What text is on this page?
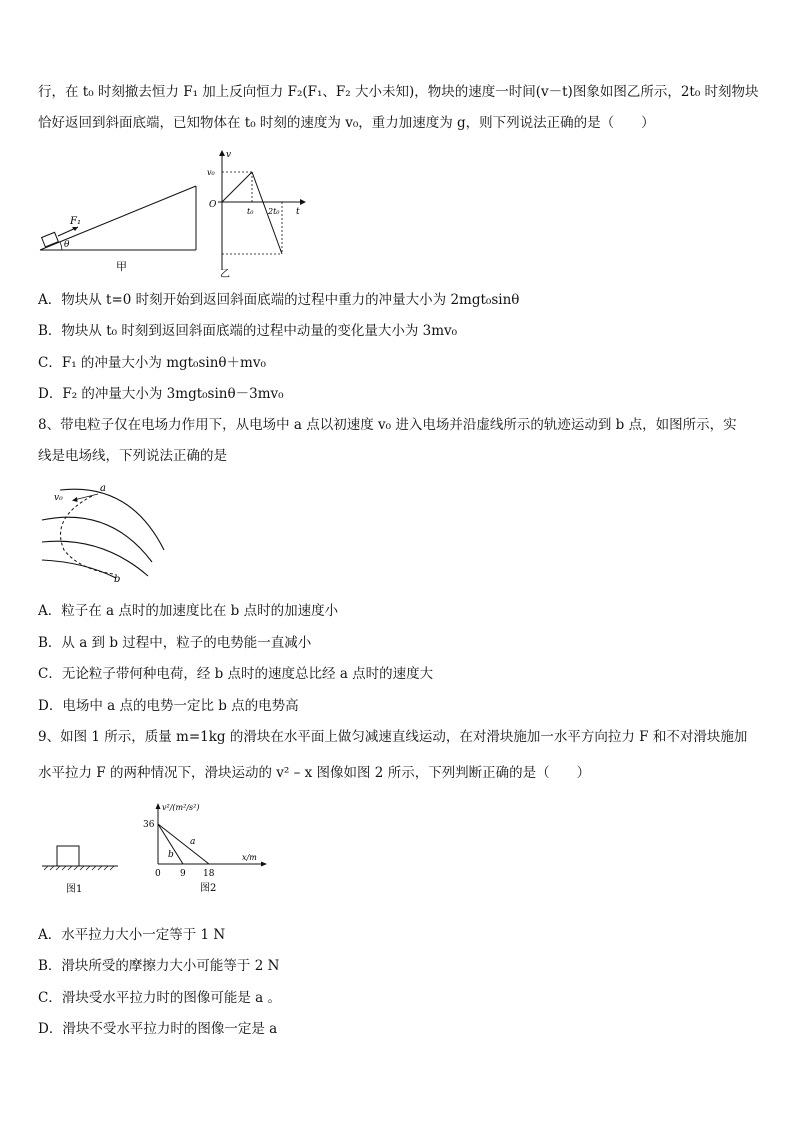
行，在 t₀ 时刻撤去恒力 F₁ 加上反向恒力 F₂(F₁、F₂ 大小未知)，物块的速度一时间(v－t)图象如图乙所示，2t₀ 时刻物块
恰好返回到斜面底端，已知物体在 t₀ 时刻的速度为 v₀，重力加速度为 g，则下列说法正确的是（　　）
F₁
θ
甲
v
t
O
v₀
t₀ 2t₀
乙
A．物块从 t=0 时刻开始到返回斜面底端的过程中重力的冲量大小为 2mgt₀sinθ
B．物块从 t₀ 时刻到返回斜面底端的过程中动量的变化量大小为 3mv₀
C．F₁ 的冲量大小为 mgt₀sinθ＋mv₀
D．F₂ 的冲量大小为 3mgt₀sinθ－3mv₀
8、带电粒子仅在电场力作用下，从电场中 a 点以初速度 v₀ 进入电场并沿虚线所示的轨迹运动到 b 点，如图所示，实
线是电场线，下列说法正确的是
v₀
a
b
A．粒子在 a 点时的加速度比在 b 点时的加速度小
B．从 a 到 b 过程中，粒子的电势能一直减小
C．无论粒子带何种电荷，经 b 点时的速度总比经 a 点时的速度大
D．电场中 a 点的电势一定比 b 点的电势高
9、如图 1 所示，质量 m=1kg 的滑块在水平面上做匀减速直线运动，在对滑块施加一水平方向拉力 F 和不对滑块施加
水平拉力 F 的两种情况下，滑块运动的 v² – x 图像如图 2 所示，下列判断正确的是（　　）
图1
v²/(m²/s²)
x/m
36
a
b
0 9 18
图2
A．水平拉力大小一定等于 1 N
B．滑块所受的摩擦力大小可能等于 2 N
C．滑块受水平拉力时的图像可能是 a 。
D．滑块不受水平拉力时的图像一定是 a
